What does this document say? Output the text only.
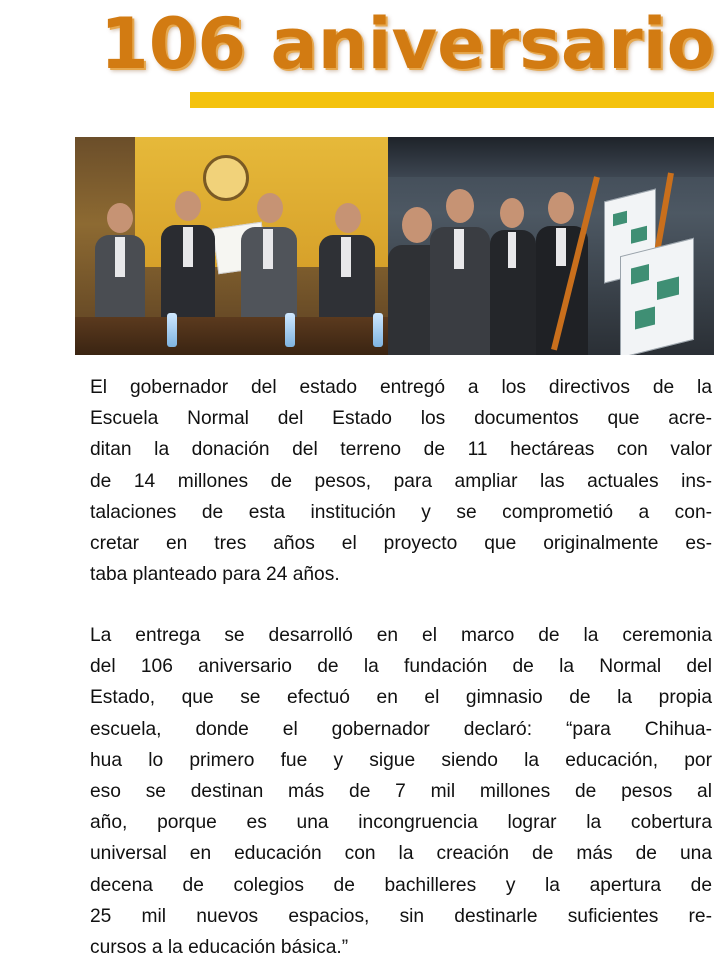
106 aniversario
El gobernador del estado entregó a los directivos de la
Escuela Normal del Estado los documentos que acre-
ditan la donación del terreno de 11 hectáreas con valor
de 14 millones de pesos, para ampliar las actuales ins-
talaciones de esta institución y se comprometió a con-
cretar en tres años el proyecto que originalmente es-
taba planteado para 24 años.
La entrega se desarrolló en el marco de la ceremonia
del 106 aniversario de la fundación de la Normal del
Estado, que se efectuó en el gimnasio de la propia
escuela, donde el gobernador declaró: “para Chihua-
hua lo primero fue y sigue siendo la educación, por
eso se destinan más de 7 mil millones de pesos al
año, porque es una incongruencia lograr la cobertura
universal en educación con la creación de más de una
decena de colegios de bachilleres y la apertura de
25 mil nuevos espacios, sin destinarle suficientes re-
cursos a la educación básica.”
